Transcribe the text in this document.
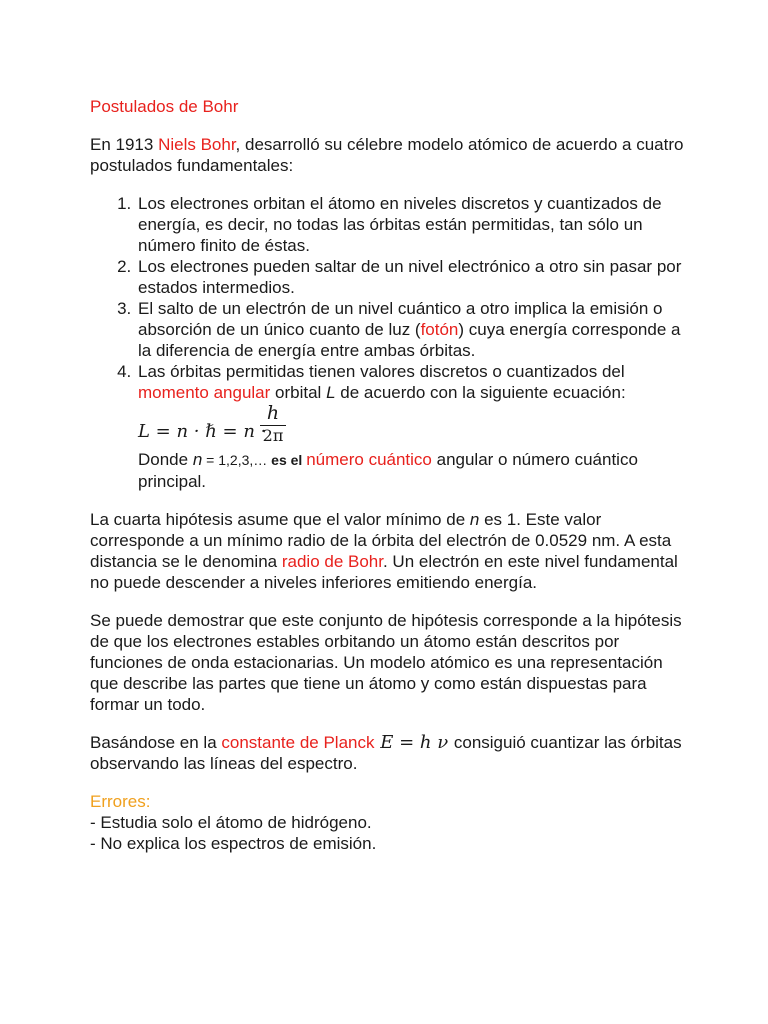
Postulados de Bohr

En 1913 Niels Bohr, desarrolló su célebre modelo atómico de acuerdo a cuatro postulados fundamentales:

1. Los electrones orbitan el átomo en niveles discretos y cuantizados de energía, es decir, no todas las órbitas están permitidas, tan sólo un número finito de éstas.
2. Los electrones pueden saltar de un nivel electrónico a otro sin pasar por estados intermedios.
3. El salto de un electrón de un nivel cuántico a otro implica la emisión o absorción de un único cuanto de luz (fotón) cuya energía corresponde a la diferencia de energía entre ambas órbitas.
4. Las órbitas permitidas tienen valores discretos o cuantizados del momento angular orbital L de acuerdo con la siguiente ecuación:
L = n · ℏ = n ·
h
2π
Donde n = 1,2,3,… es el número cuántico angular o número cuántico principal.

La cuarta hipótesis asume que el valor mínimo de n es 1. Este valor corresponde a un mínimo radio de la órbita del electrón de 0.0529 nm. A esta distancia se le denomina radio de Bohr. Un electrón en este nivel fundamental no puede descender a niveles inferiores emitiendo energía.

Se puede demostrar que este conjunto de hipótesis corresponde a la hipótesis de que los electrones estables orbitando un átomo están descritos por funciones de onda estacionarias. Un modelo atómico es una representación que describe las partes que tiene un átomo y como están dispuestas para formar un todo.

Basándose en la constante de Planck E = h ν consiguió cuantizar las órbitas observando las líneas del espectro.

Errores:

- Estudia solo el átomo de hidrógeno.

- No explica los espectros de emisión.
